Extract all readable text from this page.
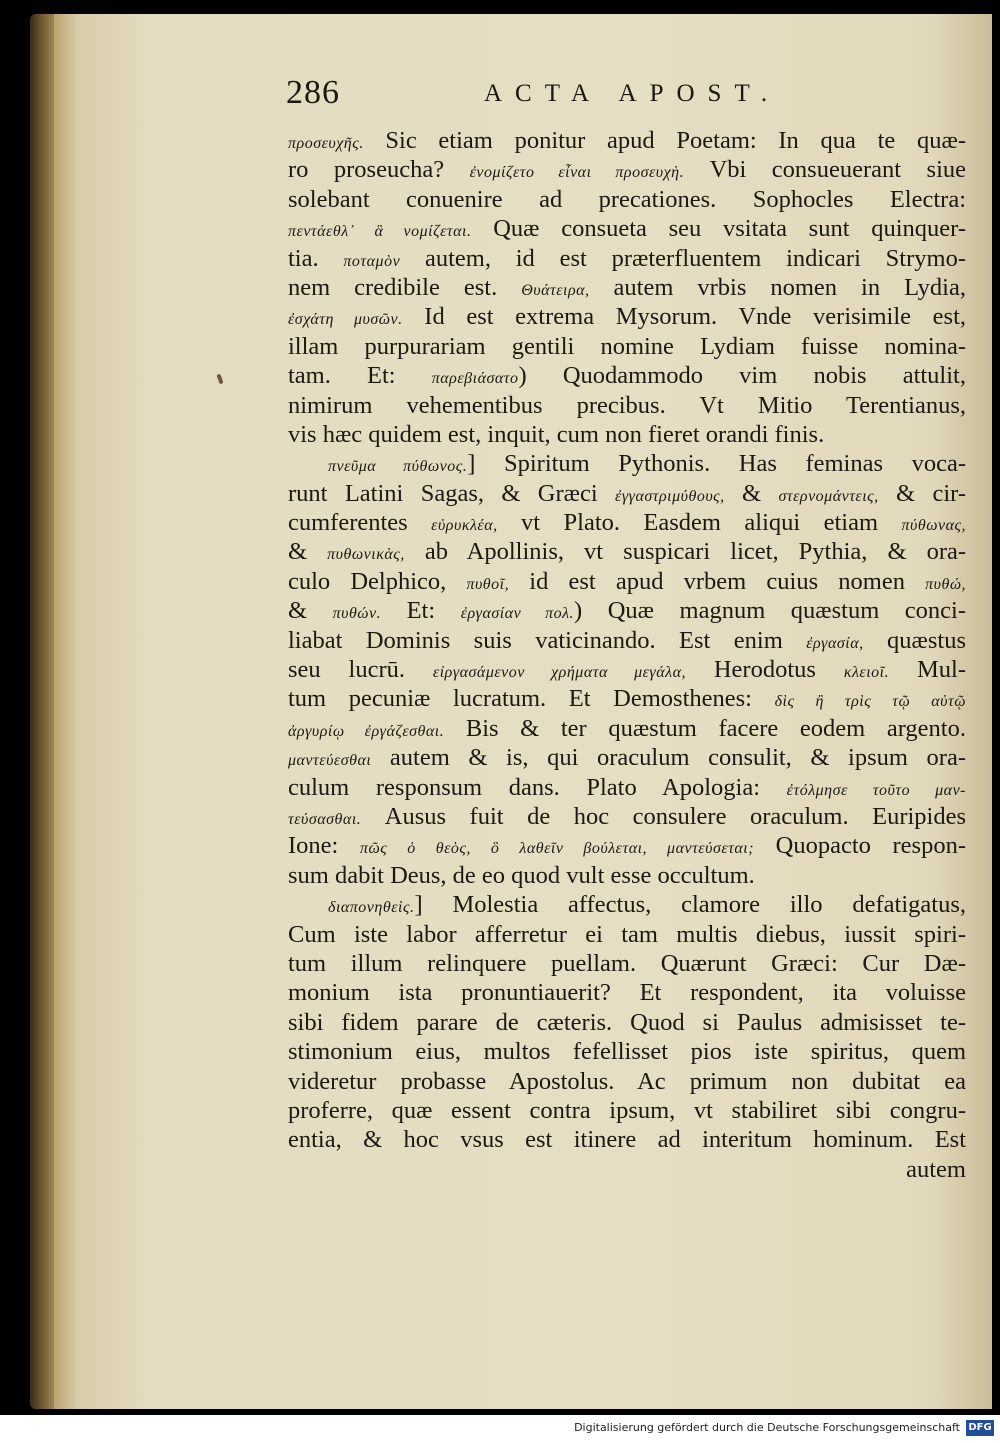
286	ACTA APOST.
προσευχῆς. Sic etiam ponitur apud Poetam: In qua te quæ-
ro proseucha? ἐνομίζετο εἶναι προσευχὴ. Vbi consueuerant siue
solebant conuenire ad precationes. Sophocles Electra:
πεντάεθλ᾽ ἃ νομίζεται. Quæ consueta seu vsitata sunt quinquer-
tia. ποταμὸν autem, id est præterfluentem indicari Strymo-
nem credibile est. Θυάτειρα, autem vrbis nomen in Lydia,
ἐσχάτη μυσῶν. Id est extrema Mysorum. Vnde verisimile est,
illam purpurariam gentili nomine Lydiam fuisse nomina-
tam. Et: παρεβιάσατο) Quodammodo vim nobis attulit,
nimirum vehementibus precibus. Vt Mitio Terentianus,
vis hæc quidem est, inquit, cum non fieret orandi finis.
πνεῦμα πύθωνος.] Spiritum Pythonis. Has feminas voca-
runt Latini Sagas, & Græci ἐγγαστριμύθους, & στερνομάντεις, & cir-
cumferentes εὐρυκλέα, vt Plato. Easdem aliqui etiam πύθωνας,
& πυθωνικὰς, ab Apollinis, vt suspicari licet, Pythia, & ora-
culo Delphico, πυθοῖ, id est apud vrbem cuius nomen πυθώ,
& πυθών. Et: ἐργασίαν πολ.) Quæ magnum quæstum conci-
liabat Dominis suis vaticinando. Est enim ἐργασία, quæstus
seu lucrū. εἰργασάμενον χρήματα μεγάλα, Herodotus κλειοῖ. Mul-
tum pecuniæ lucratum. Et Demosthenes: δὶς ἢ τρὶς τῷ αὐτῷ
ἀργυρίῳ ἐργάζεσθαι. Bis & ter quæstum facere eodem argento.
μαντεύεσθαι autem & is, qui oraculum consulit, & ipsum ora-
culum responsum dans. Plato Apologia: ἐτόλμησε τοῦτο μαν-
τεύσασθαι. Ausus fuit de hoc consulere oraculum. Euripides
Ione: πῶς ὁ θεὸς, ὃ λαθεῖν βούλεται, μαντεύσεται; Quopacto respon-
sum dabit Deus, de eo quod vult esse occultum.
διαπονηθεὶς.] Molestia affectus, clamore illo defatigatus,
Cum iste labor afferretur ei tam multis diebus, iussit spiri-
tum illum relinquere puellam. Quærunt Græci: Cur Dæ-
monium ista pronuntiauerit? Et respondent, ita voluisse
sibi fidem parare de cæteris. Quod si Paulus admisisset te-
stimonium eius, multos fefellisset pios iste spiritus, quem
videretur probasse Apostolus. Ac primum non dubitat ea
proferre, quæ essent contra ipsum, vt stabiliret sibi congru-
entia, & hoc vsus est itinere ad interitum hominum. Est
autem
Digitalisierung gefördert durch die Deutsche Forschungsgemeinschaft DFG
